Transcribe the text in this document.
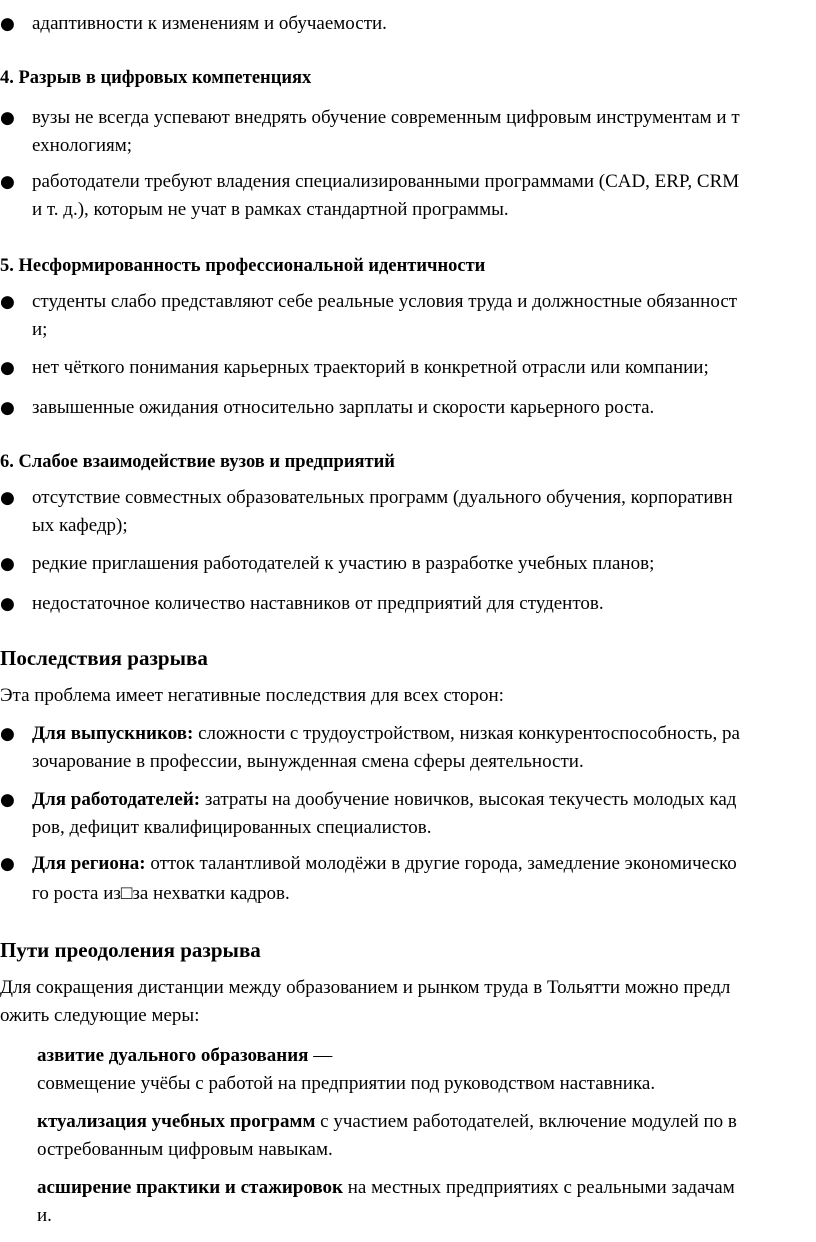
● адаптивности к изменениям и обучаемости.
4. Разрыв в цифровых компетенциях
● вузы не всегда успевают внедрять обучение современным цифровым инструментам и т
ехнологиям;
● работодатели требуют владения специализированными программами (CAD, ERP, CRM
и т. д.), которым не учат в рамках стандартной программы.
5. Несформированность профессиональной идентичности
● студенты слабо представляют себе реальные условия труда и должностные обязанност
и;
● нет чёткого понимания карьерных траекторий в конкретной отрасли или компании;
● завышенные ожидания относительно зарплаты и скорости карьерного роста.
6. Слабое взаимодействие вузов и предприятий
● отсутствие совместных образовательных программ (дуального обучения, корпоративн
ых кафедр);
● редкие приглашения работодателей к участию в разработке учебных планов;
● недостаточное количество наставников от предприятий для студентов.
Последствия разрыва
Эта проблема имеет негативные последствия для всех сторон:
● Для выпускников: сложности с трудоустройством, низкая конкурентоспособность, ра
зочарование в профессии, вынужденная смена сферы деятельности.
● Для работодателей: затраты на дообучение новичков, высокая текучесть молодых кад
ров, дефицит квалифицированных специалистов.
● Для региона: отток талантливой молодёжи в другие города, замедление экономическо
го роста из□за нехватки кадров.
Пути преодоления разрыва
Для сокращения дистанции между образованием и рынком труда в Тольятти можно предл
ожить следующие меры:
азвитие дуального образования —
совмещение учёбы с работой на предприятии под руководством наставника.
ктуализация учебных программ с участием работодателей, включение модулей по в
остребованным цифровым навыкам.
асширение практики и стажировок на местных предприятиях с реальными задачам
и.
